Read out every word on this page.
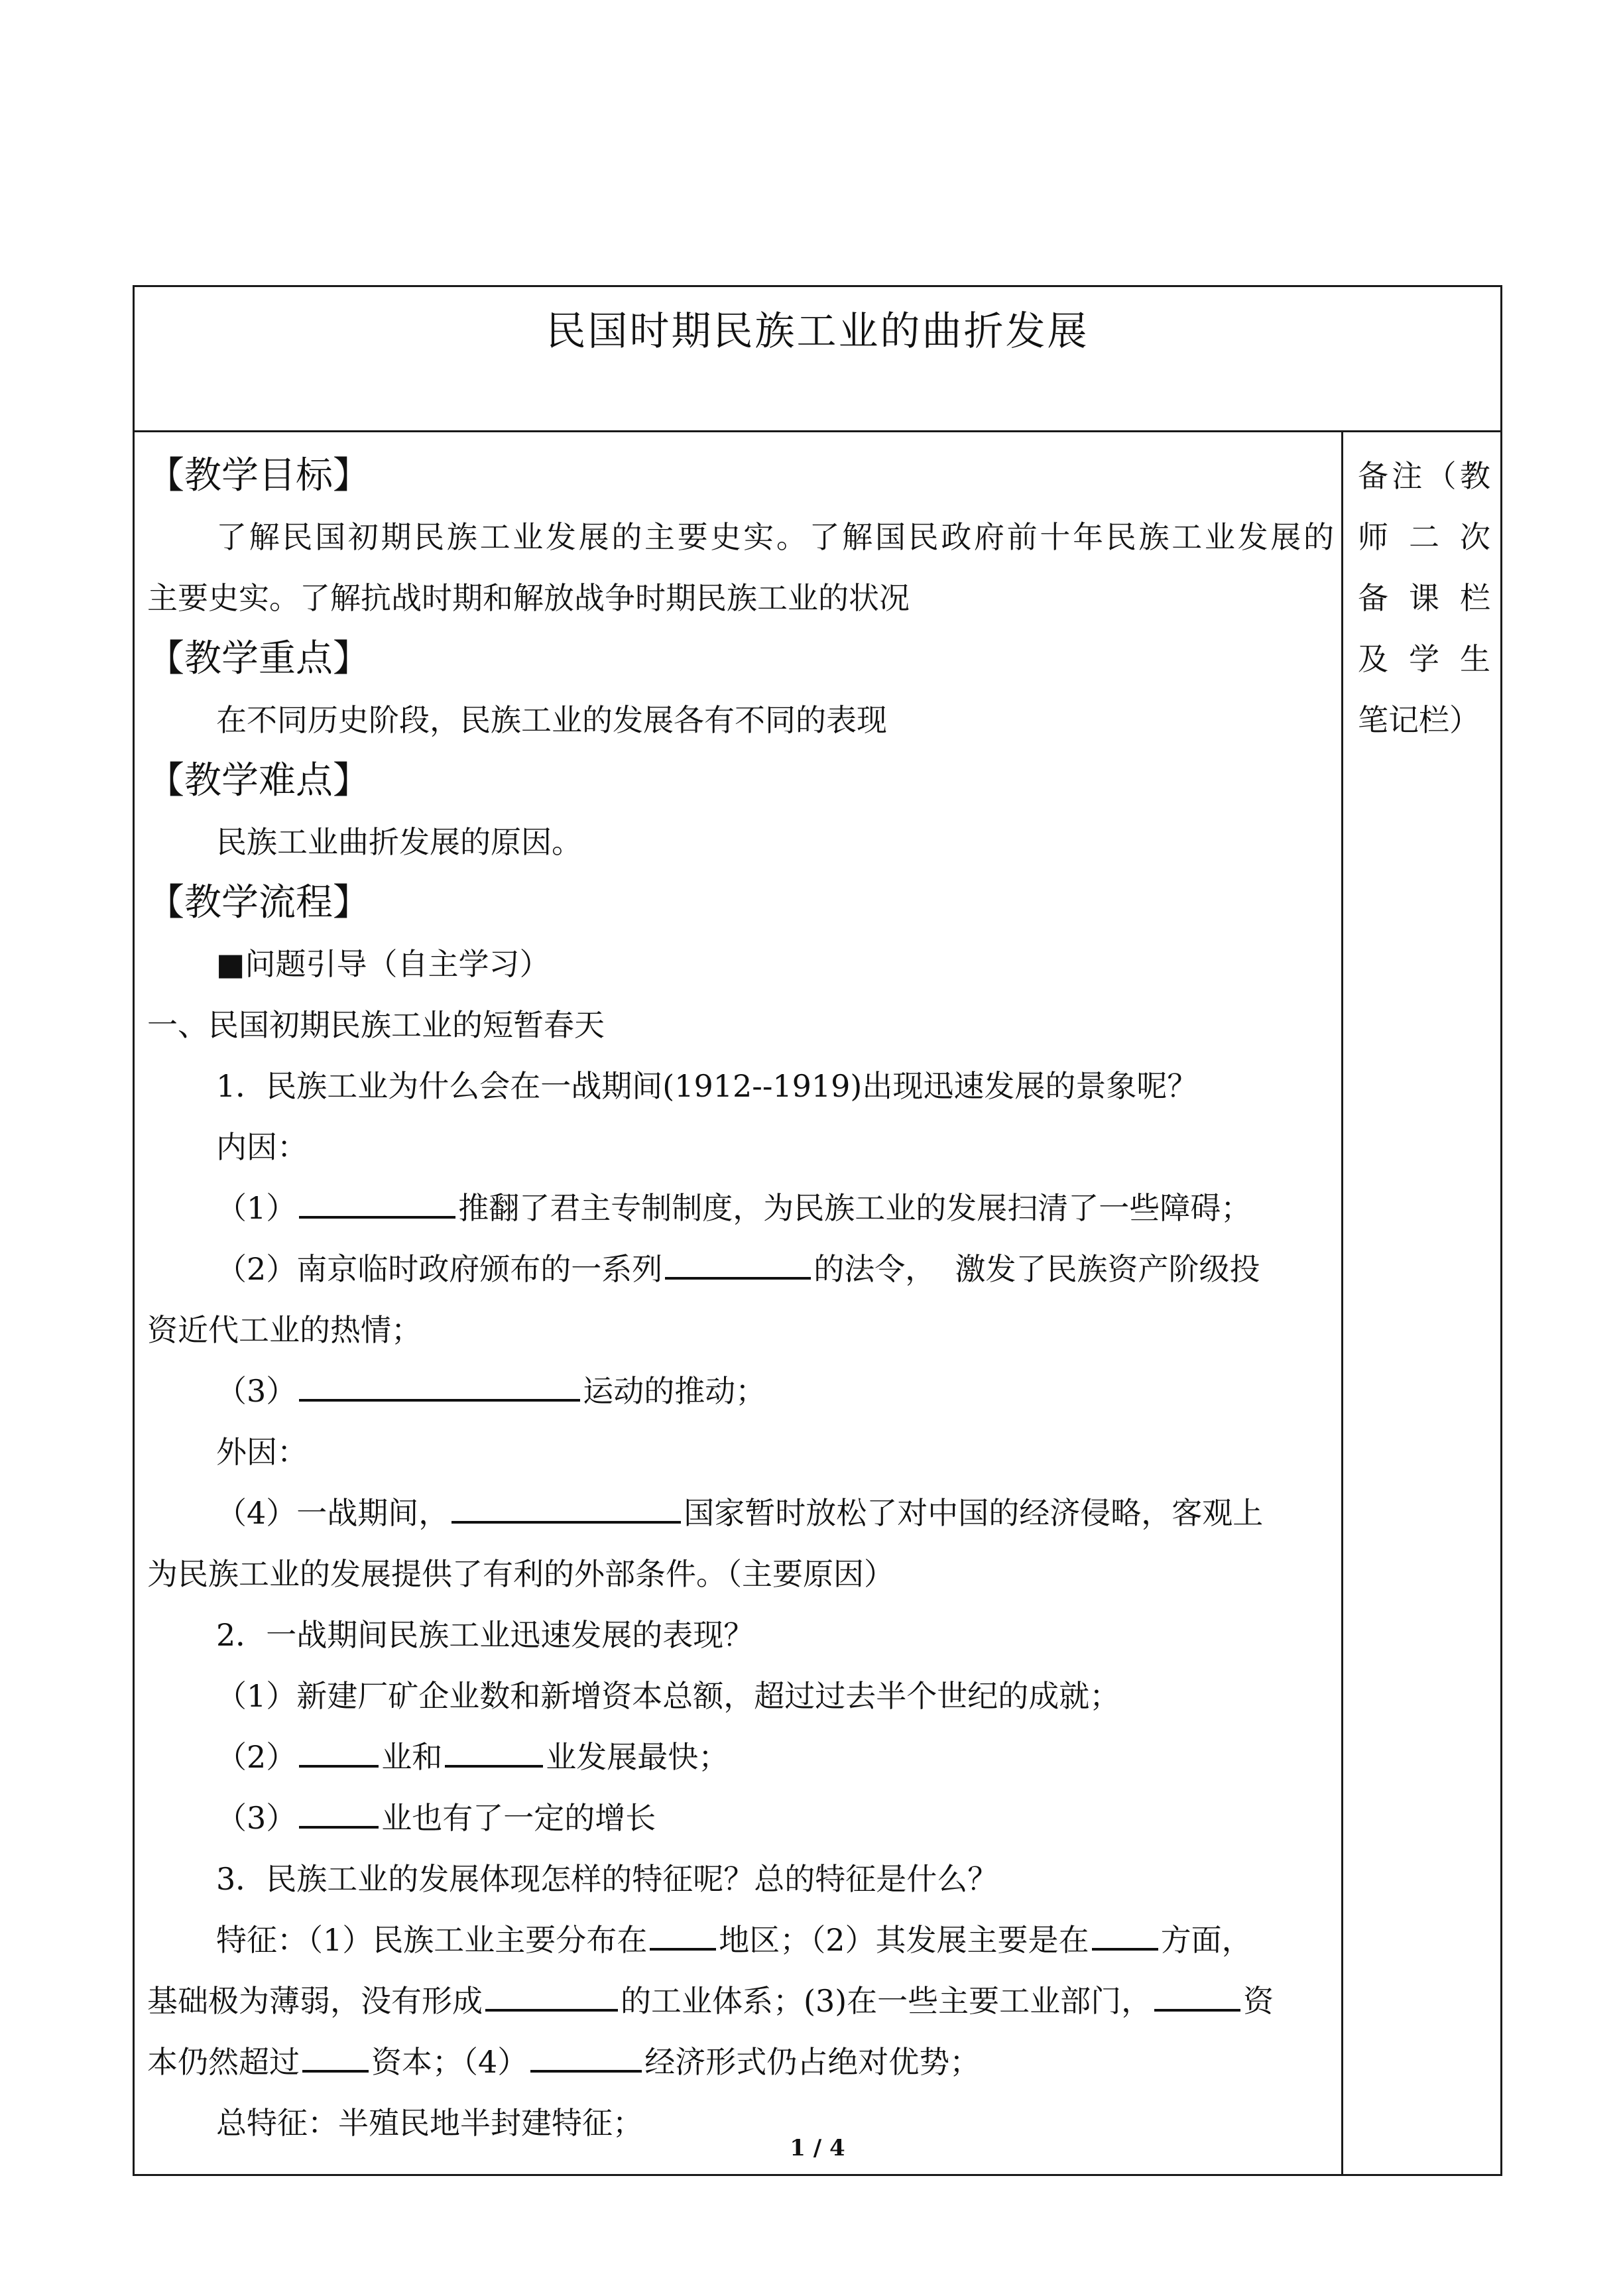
民国时期民族工业的曲折发展
备注（教
师 二 次
备 课 栏
及 学 生
笔记栏）
【教学目标】
了解民国初期民族工业发展的主要史实。了解国民政府前十年民族工业发展的
主要史实。了解抗战时期和解放战争时期民族工业的状况
【教学重点】
在不同历史阶段，民族工业的发展各有不同的表现
【教学难点】
民族工业曲折发展的原因。
【教学流程】
■问题引导（自主学习）
一、民国初期民族工业的短暂春天
1．民族工业为什么会在一战期间(1912--1919)出现迅速发展的景象呢？
内因：
（1）	推翻了君主专制制度，为民族工业的发展扫清了一些障碍；
（2）南京临时政府颁布的一系列	的法令，  激发了民族资产阶级投
资近代工业的热情；
（3）	运动的推动；
外因：
（4）一战期间，	国家暂时放松了对中国的经济侵略，客观上
为民族工业的发展提供了有利的外部条件。（主要原因）
2．一战期间民族工业迅速发展的表现？
（1）新建厂矿企业数和新增资本总额，超过过去半个世纪的成就；
（2）	业和	业发展最快；
（3）	业也有了一定的增长
3．民族工业的发展体现怎样的特征呢？总的特征是什么？
特征：（1）民族工业主要分布在 地区；（2）其发展主要是在 方面，
基础极为薄弱，没有形成	的工业体系；(3)在一些主要工业部门，	资
本仍然超过 资本；（4）	经济形式仍占绝对优势；
总特征：半殖民地半封建特征；
1 / 4
